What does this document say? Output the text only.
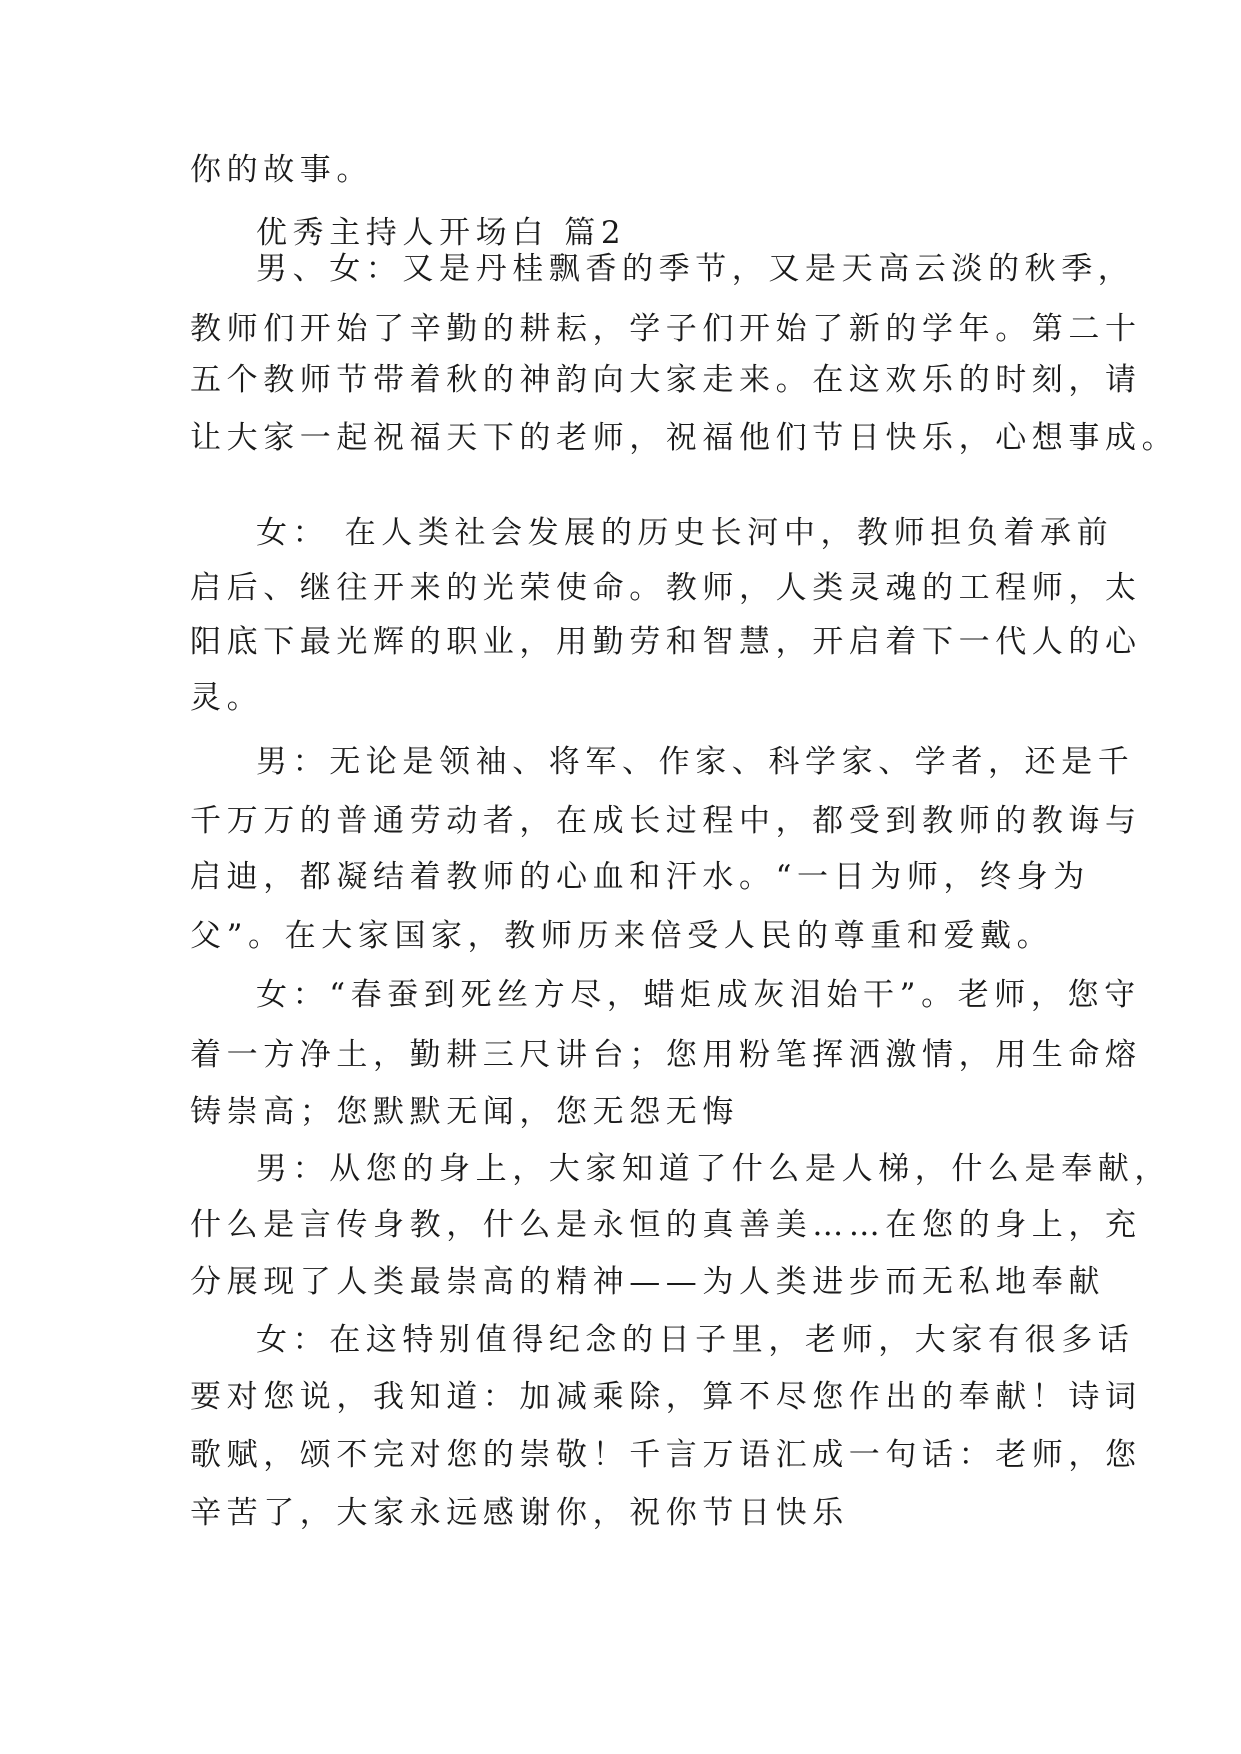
你的故事。
优秀主持人开场白 篇2
男、女：又是丹桂飘香的季节，又是天高云淡的秋季，
教师们开始了辛勤的耕耘，学子们开始了新的学年。第二十
五个教师节带着秋的神韵向大家走来。在这欢乐的时刻，请
让大家一起祝福天下的老师，祝福他们节日快乐，心想事成。
女： 在人类社会发展的历史长河中，教师担负着承前
启后、继往开来的光荣使命。教师，人类灵魂的工程师，太
阳底下最光辉的职业，用勤劳和智慧，开启着下一代人的心
灵。
男：无论是领袖、将军、作家、科学家、学者，还是千
千万万的普通劳动者，在成长过程中，都受到教师的教诲与
启迪，都凝结着教师的心血和汗水。“一日为师，终身为
父”。在大家国家，教师历来倍受人民的尊重和爱戴。
女：“春蚕到死丝方尽，蜡炬成灰泪始干”。老师，您守
着一方净土，勤耕三尺讲台；您用粉笔挥洒激情，用生命熔
铸崇高；您默默无闻，您无怨无悔
男：从您的身上，大家知道了什么是人梯，什么是奉献，
什么是言传身教，什么是永恒的真善美……在您的身上，充
分展现了人类最崇高的精神——为人类进步而无私地奉献
女：在这特别值得纪念的日子里，老师，大家有很多话
要对您说，我知道：加减乘除，算不尽您作出的奉献！诗词
歌赋，颂不完对您的崇敬！千言万语汇成一句话：老师，您
辛苦了，大家永远感谢你，祝你节日快乐
